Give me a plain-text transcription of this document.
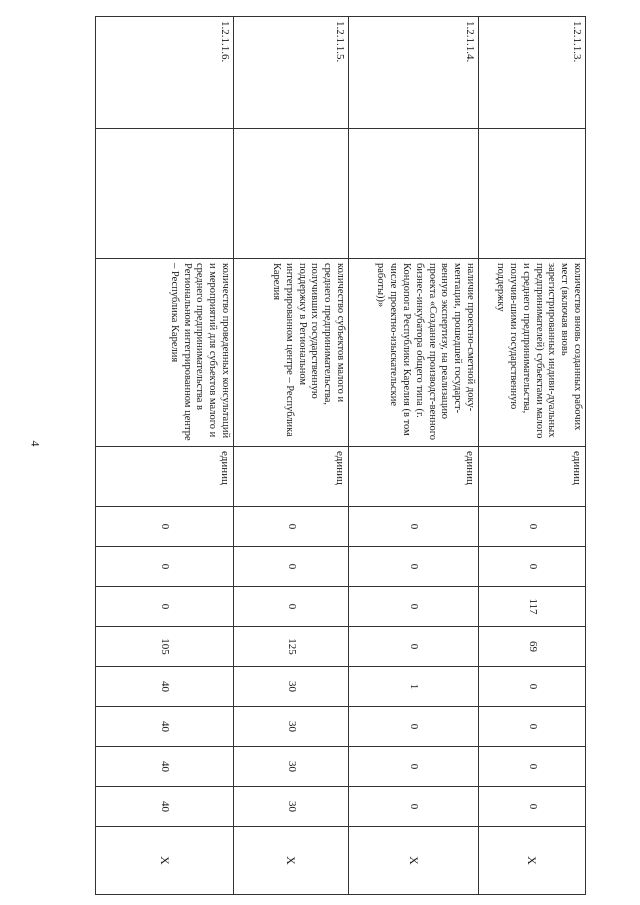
4
1.2.1.1.3.		количество вновь созданных рабочих мест (включая вновь зарегистрированных индиви-дуальных предпринимателей) субъектами малого и среднего предпринимательства, получив-шими государственную поддержку	единиц	0	0	117	69	0	0	0	0	X
1.2.1.1.4.		наличие проектно-сметной доку-ментации, прошедшей государст-венную экспертизу, на реализацию проекта «Создание производст-венного бизнес-инкубатора общего типа (г. Кондопога Республики Карелия (в том числе проектно-изыскательские работы))»	единиц	0	0	0	0	1	0	0	0	X
1.2.1.1.5.		количество субъектов малого и среднего предпринимательства, получивших государственную поддержку в Региональном интегрированном центре – Республика Карелия	единиц	0	0	0	125	30	30	30	30	X
1.2.1.1.6.		количество проведенных консультаций и мероприятий для субъектов малого и среднего предпринимательства в Региональном интегрированном центре – Республика Карелия	единиц	0	0	0	105	40	40	40	40	X
